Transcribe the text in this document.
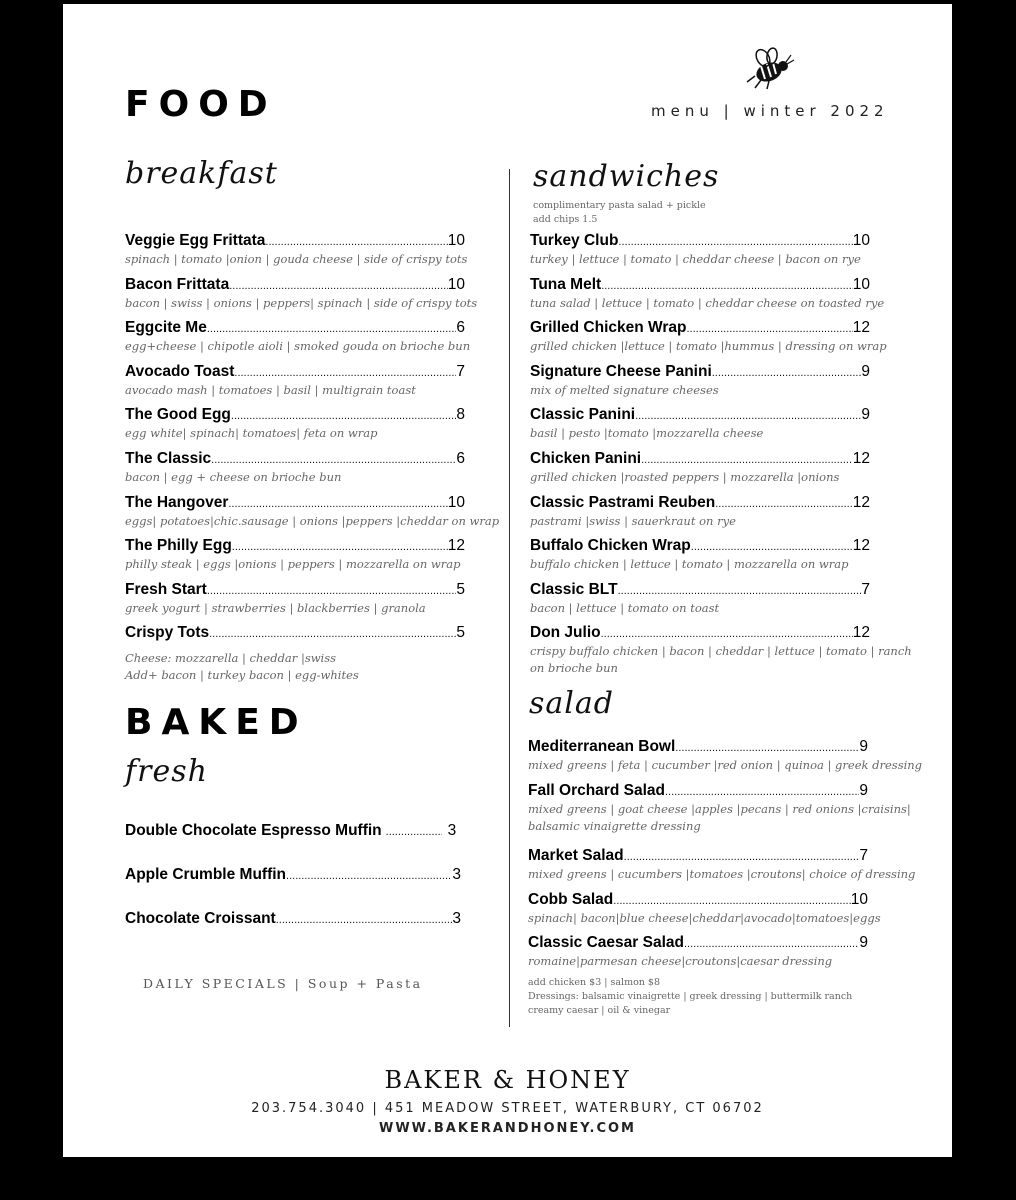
FOOD	menu | winter 2022
breakfast
Veggie Egg Frittata .....	10
spinach | tomato |onion | gouda cheese | side of crispy tots
Bacon Frittata .....	10
bacon | swiss | onions | peppers| spinach | side of crispy tots
Eggcite Me .....	6
egg+cheese | chipotle aioli | smoked gouda on brioche bun
Avocado Toast .....	7
avocado mash | tomatoes | basil | multigrain toast
The Good Egg .....	8
egg white| spinach| tomatoes| feta on wrap
The Classic .....	6
bacon | egg + cheese on brioche bun
The Hangover .....	10
eggs| potatoes|chic.sausage | onions |peppers |cheddar on wrap
The Philly Egg .....	12
philly steak | eggs |onions | peppers | mozzarella on wrap
Fresh Start .....	5
greek yogurt | strawberries | blackberries | granola
Crispy Tots .....	5
Cheese: mozzarella | cheddar |swiss
Add+ bacon | turkey bacon | egg-whites
BAKED
fresh
Double Chocolate Espresso Muffin .....	3
Apple Crumble Muffin .....	3
Chocolate Croissant .....	3
DAILY SPECIALS | Soup + Pasta
sandwiches
complimentary pasta salad + pickle
add chips 1.5
Turkey Club .....	10
turkey | lettuce | tomato | cheddar cheese | bacon on rye
Tuna Melt .....	10
tuna salad | lettuce | tomato | cheddar cheese on toasted rye
Grilled Chicken Wrap .....	12
grilled chicken |lettuce | tomato |hummus | dressing on wrap
Signature Cheese Panini .....	9
mix of melted signature cheeses
Classic Panini .....	9
basil | pesto |tomato |mozzarella cheese
Chicken Panini .....	12
grilled chicken |roasted peppers | mozzarella |onions
Classic Pastrami Reuben .....	12
pastrami |swiss | sauerkraut on rye
Buffalo Chicken Wrap .....	12
buffalo chicken | lettuce | tomato | mozzarella on wrap
Classic BLT .....	7
bacon | lettuce | tomato on toast
Don Julio .....	12
crispy buffalo chicken | bacon | cheddar | lettuce | tomato | ranch
on brioche bun
salad
Mediterranean Bowl .....	9
mixed greens | feta | cucumber |red onion | quinoa | greek dressing
Fall Orchard Salad .....	9
mixed greens | goat cheese |apples |pecans | red onions |craisins|
balsamic vinaigrette dressing
Market Salad .....	7
mixed greens | cucumbers |tomatoes |croutons| choice of dressing
Cobb Salad .....	10
spinach| bacon|blue cheese|cheddar|avocado|tomatoes|eggs
Classic Caesar Salad .....	9
romaine|parmesan cheese|croutons|caesar dressing
add chicken $3 | salmon $8
Dressings: balsamic vinaigrette | greek dressing | buttermilk ranch
creamy caesar | oil & vinegar
BAKER & HONEY
203.754.3040 | 451 MEADOW STREET, WATERBURY, CT 06702
WWW.BAKERANDHONEY.COM
